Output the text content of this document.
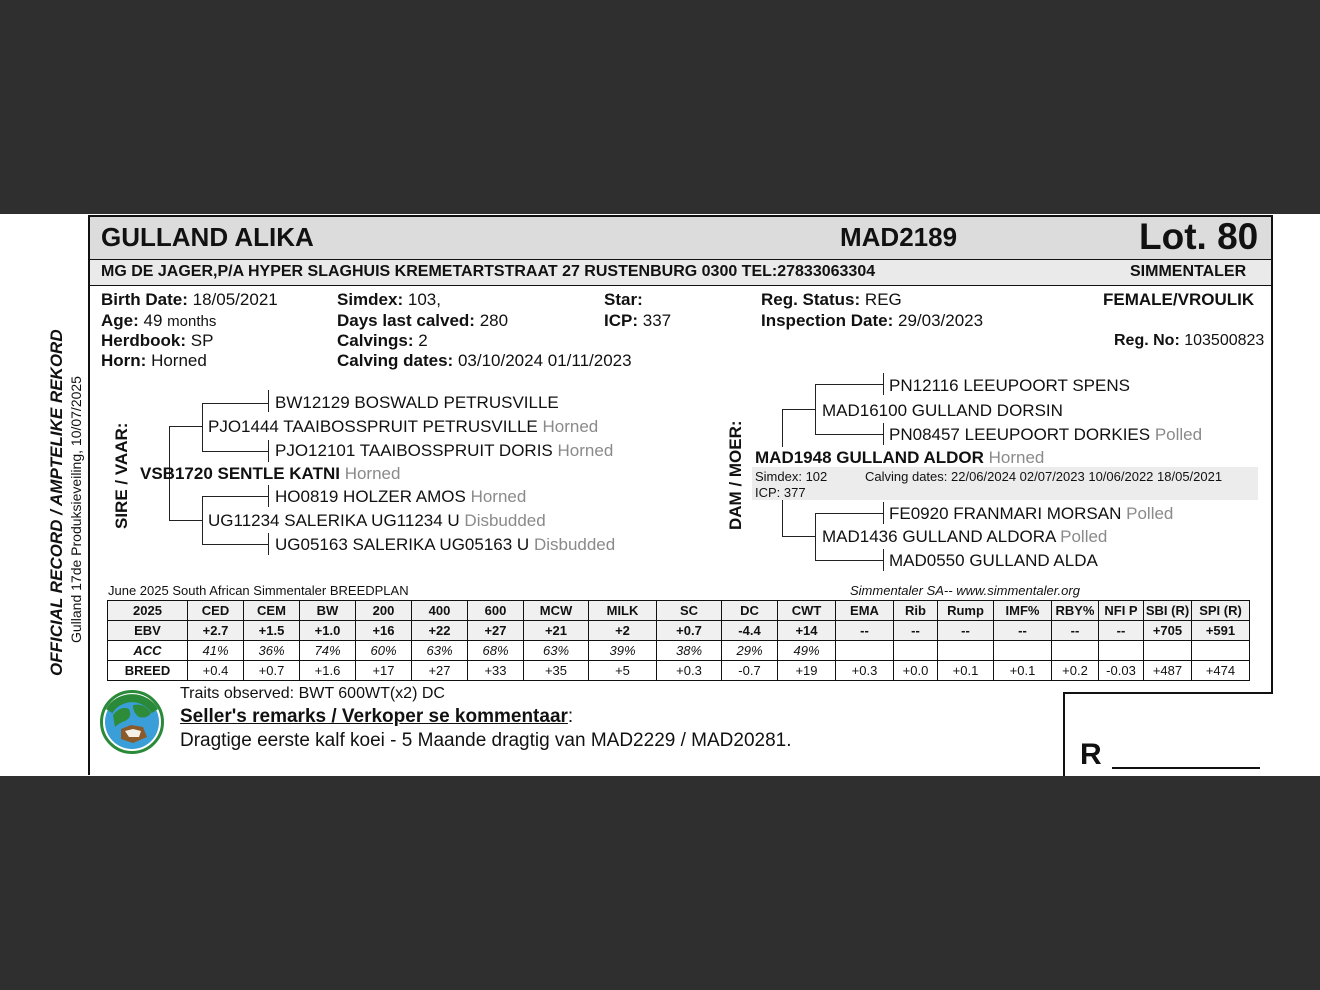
GULLAND ALIKA	MAD2189	Lot. 80
MG DE JAGER,P/A HYPER SLAGHUIS KREMETARTSTRAAT 27 RUSTENBURG 0300 TEL:27833063304	SIMMENTALER
Birth Date: 18/05/2021
Age: 49 months
Herdbook: SP
Horn: Horned
Simdex: 103,
Days last calved: 280
Calvings: 2
Calving dates: 03/10/2024 01/11/2023
Star:
ICP: 337
Reg. Status: REG
Inspection Date: 29/03/2023
FEMALE/VROULIK
Reg. No: 103500823
OFFICIAL RECORD / AMPTELIKE REKORD Gulland 17de Produksieveiling, 10/07/2025 SIRE / VAAR:	DAM / MOER:
BW12129 BOSWALD PETRUSVILLE
PJO1444 TAAIBOSSPRUIT PETRUSVILLE Horned
PJO12101 TAAIBOSSPRUIT DORIS Horned
VSB1720 SENTLE KATNI Horned
HO0819 HOLZER AMOS Horned
UG11234 SALERIKA UG11234 U Disbudded
UG05163 SALERIKA UG05163 U Disbudded
PN12116 LEEUPOORT SPENS
MAD16100 GULLAND DORSIN
PN08457 LEEUPOORT DORKIES Polled
MAD1948 GULLAND ALDOR Horned
Simdex: 102
ICP: 377
Calving dates: 22/06/2024 02/07/2023 10/06/2022 18/05/2021
FE0920 FRANMARI MORSAN Polled
MAD1436 GULLAND ALDORA Polled
MAD0550 GULLAND ALDA
June 2025 South African Simmentaler BREEDPLAN	Simmentaler SA-- www.simmentaler.org
2025	CED	CEM	BW	200	400	600	MCW	MILK	SC	DC	CWT	EMA	Rib	Rump	IMF%	RBY%	NFI P	SBI (R)	SPI (R)
EBV	+2.7	+1.5	+1.0	+16	+22	+27	+21	+2	+0.7	-4.4	+14	--	--	--	--	--	--	+705	+591
ACC	41%	36%	74%	60%	63%	68%	63%	39%	38%	29%	49%								
BREED	+0.4	+0.7	+1.6	+17	+27	+33	+35	+5	+0.3	-0.7	+19	+0.3	+0.0	+0.1	+0.1	+0.2	-0.03	+487	+474
Traits observed: BWT 600WT(x2) DC
Seller's remarks / Verkoper se kommentaar:
Dragtige eerste kalf koei - 5 Maande dragtig van MAD2229 / MAD20281.	R
